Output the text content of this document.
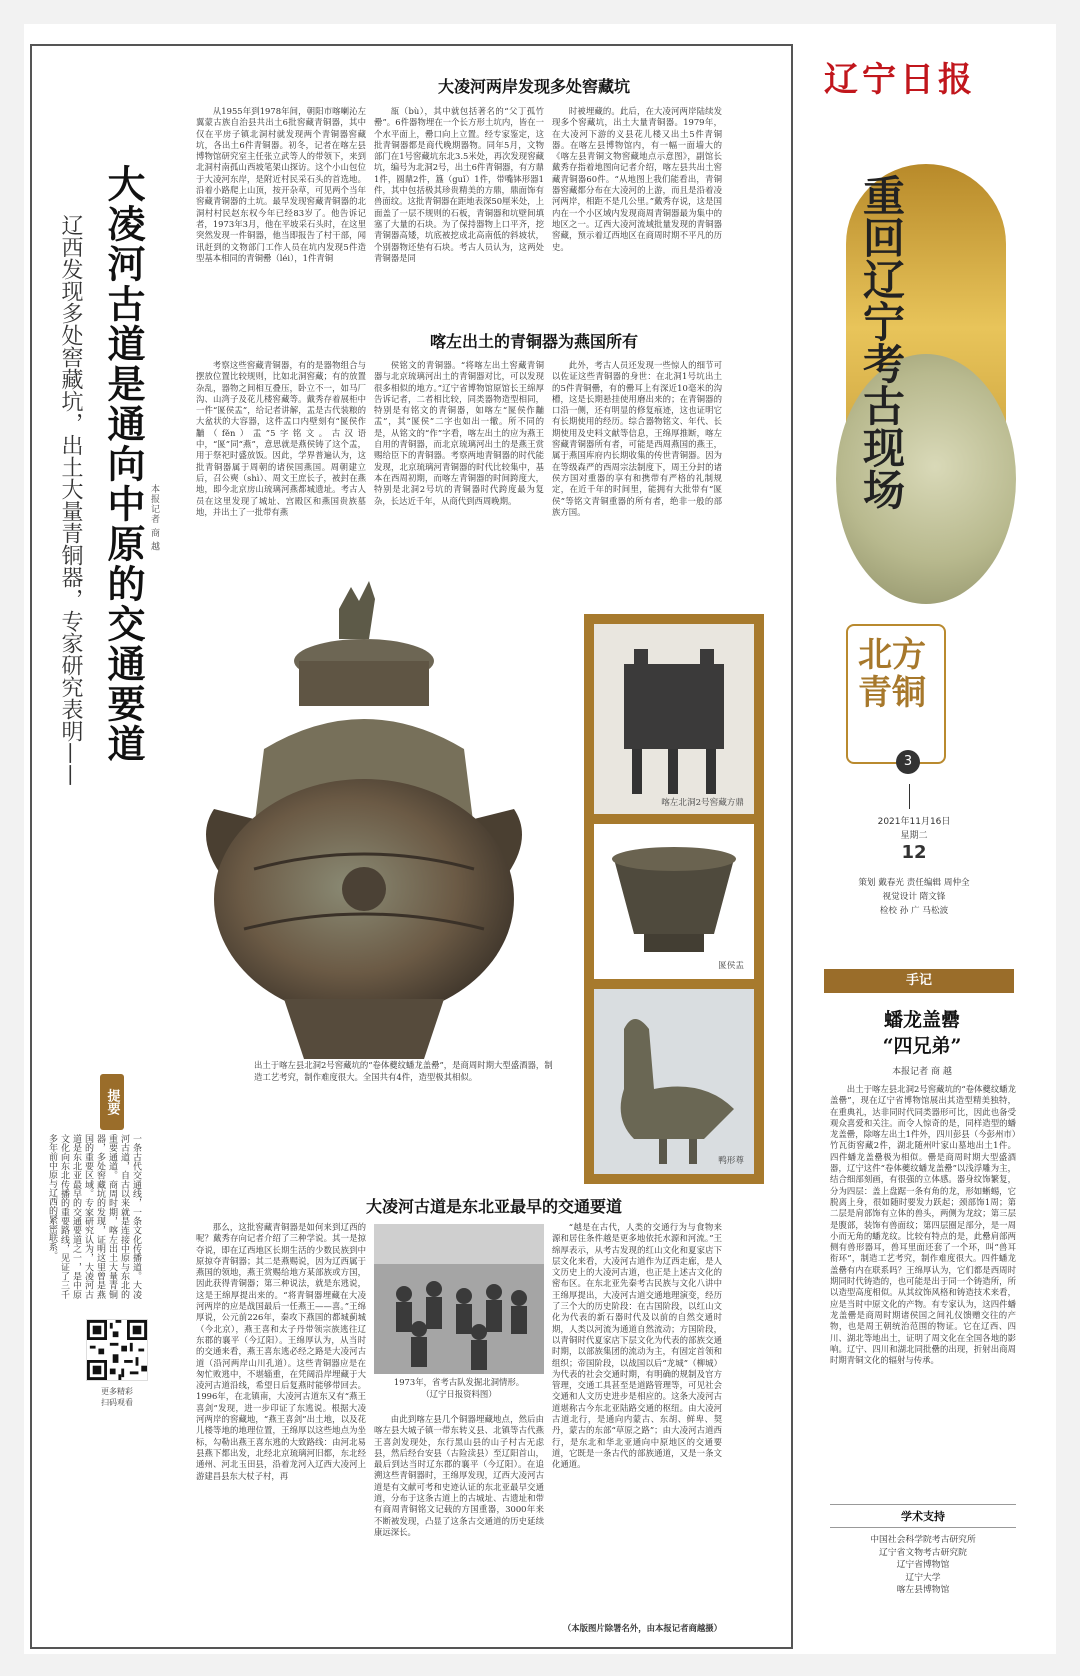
大凌河两岸发现多处窖藏坑
从1955年到1978年间，朝阳市喀喇沁左翼蒙古族自治县共出土6批窖藏青铜器，其中仅在平房子镇北洞村就发现两个青铜器窖藏坑，各出土6件青铜器。初冬，记者在喀左县博物馆研究室主任张立武等人的带领下，来到北洞村南孤山西坡笔架山探访。这个小山包位于大凌河东岸，是附近村民采石头的首选地。沿着小路爬上山顶，按开杂草，可见两个当年窖藏青铜器的土坑。最早发现窖藏青铜器的北洞村村民赵东权今年已经83岁了。他告诉记者，1973年3月，他在平坡采石头时，在这里突然发现一件铜器，他当即报告了村干部，闻讯赶到的文物部门工作人员在坑内发现5件造型基本相同的青铜罍（léi），1件青铜
瓿（bù），其中就包括著名的“父丁孤竹罍”。6件器物埋在一个长方形土坑内，皆在一个水平面上，罍口向上立置。经专家鉴定，这批青铜器都是商代晚期器物。同年5月，文物部门在1号窖藏坑东北3.5米处，再次发现窖藏坑，编号为北洞2号，出土6件青铜器，有方鼎1件，圆鼎2件，簋（guǐ）1件，带嘴钵形器1件，其中包括极其珍贵精美的方鼎，鼎面饰有兽面纹。这批青铜器在距地表深50厘米处，上面盖了一层不规则的石板，青铜器和坑壁间填塞了大量的石块。为了保持器物上口平齐，挖青铜器高矮，坑底被挖成北高南低的斜坡状，个别器物还垫有石块。考古人员认为，这两处青铜器是同
时被埋藏的。此后，在大凌河两岸陆续发现多个窖藏坑，出土大量青铜器。1979年，在大凌河下游的义县花儿楼又出土5件青铜器。在喀左县博物馆内，有一幅一面墙大的《喀左县青铜文物窖藏地点示意图》，副馆长戴秀存指着地图向记者介绍，喀左县共出土窖藏青铜器60件。“从地图上我们能看出，青铜器窖藏都分布在大凌河的上游，而且是沿着凌河两岸，相距不是几公里。”戴秀存说，这是国内在一个小区域内发现商周青铜器最为集中的地区之一。辽西大凌河流域批量发现的青铜器窖藏，预示着辽西地区在商周时期不平凡的历史。
喀左出土的青铜器为燕国所有
考察这些窖藏青铜器，有的是器物组合与摆放位置比较规则，比如北洞窖藏；有的放置杂乱，器物之间相互叠压，卧立不一，如马厂沟、山湾子及花儿楼窖藏等。戴秀存着展柜中一件“匽侯盂”，给记者讲解，盂是古代装粮的大盆状的大容器，这件盂口内壁刻有“匽侯作黼（fěn）盂”5字铭文。古汉语中，“匽”同“燕”，意思就是燕侯铸了这个盂，用于祭祀时盛放饭。因此，学界普遍认为，这批青铜器属于周朝的诸侯国燕国。周朝建立后，召公奭（shì）、周文王庶长子，被封在燕地，即今北京房山琉璃河燕都城遗址。考古人员在这里发现了城址、宫殿区和燕国贵族墓地，并出土了一批带有燕
侯铭文的青铜器。“将喀左出土窖藏青铜器与北京琉璃河出土的青铜器对比，可以发现很多相似的地方。”辽宁省博物馆原馆长王绵厚告诉记者，二者相比较，同类器物造型相同，特别是有铭文的青铜器，如喀左“匽侯作黼盂”，其“匽侯”二字也如出一辙。所不同的是，从铭文的“作”字看，喀左出土的应为燕王自用的青铜器，而北京琉璃河出土的是燕王赏赐给臣下的青铜器。考察两地青铜器的时代能发现，北京琉璃河青铜器的时代比较集中，基本在西周初期，而喀左青铜器的时间跨度大，特别是北洞2号坑的青铜器时代跨度最为复杂，长达近千年，从商代到西周晚期。
此外，考古人员还发现一些惊人的细节可以佐证这些青铜器的身世：在北洞1号坑出土的5件青铜罍，有的罍耳上有深近10毫米的沟槽，这是长期悬挂使用磨出来的；在青铜器的口沿一侧，还有明显的修复痕迹，这也证明它有长期使用的经历。综合器物铭文、年代、长期使用及史料文献等信息，王绵厚推断，喀左窖藏青铜器所有者，可能是西周燕国的燕王，属于燕国库府内长期收集的传世青铜器。因为在等级森严的西周宗法制度下，周王分封的诸侯方国对重器的享有和携带有严格的礼制规定，在近千年的时间里，能拥有大批带有“匽侯”等铭文青铜重器的所有者，绝非一般的部族方国。
大凌河古道是通向中原的交通要道
辽西发现多处窖藏坑，出土大量青铜器，专家研究表明——	本报记者 商 越
提要
一条古代交通线，一条文化传播道。大凌河古道，自古以来就是连接中原与东北的重要通道。商周时期，喀左出土大量青铜器，多处窖藏坑的发现，证明这里曾是燕国的重要区域。专家研究认为，大凌河古道是东北亚最早的交通要道之一，是中原文化向东北传播的重要路线，见证了三千多年前中原与辽西的紧密联系。
更多精彩
扫码观看
出土于喀左县北洞2号窖藏坑的“卷体夔纹蟠龙盖罍”，是商周时期大型盛酒器，制造工艺考究，制作难度很大。全国共有4件，造型极其相似。
喀左北洞2号窖藏方鼎
匽侯盂
鸭形尊
大凌河古道是东北亚最早的交通要道
那么，这批窖藏青铜器是如何来到辽西的呢？戴秀存向记者介绍了三种学说。其一是掠夺说，即在辽西地区长期生活的少数民族到中原掠夺青铜器；其二是燕赐说，因为辽西属于燕国的领地，燕王赏赐给地方某部族或方国，因此获得青铜器；第三种说法，就是东逃说，这是王绵厚提出来的。“将青铜器埋藏在大凌河两岸的应是战国最后一任燕王——喜。”王绵厚说，公元前226年，秦攻下燕国的都城蓟城（今北京），燕王喜和太子丹带领宗族逃往辽东郡的襄平（今辽阳）。王绵厚认为，从当时的交通来看，燕王喜东逃必经之路是大凌河古道（沿河两岸山川孔道）。这些青铜器应是在匆忙败逃中，不堪辎重，在凭阔沿岸埋藏于大凌河古道沿线，希望日后复燕时能够带回去。1996年，在北镇南，大凌河古道东又有“燕王喜剑”发现，进一步印证了东逃说。根据大凌河两岸的窖藏地，“燕王喜剑”出土地，以及花儿楼等地的地理位置，王绵厚以这些地点为坐标，勾勒出燕王喜东逃的大致路线：由河北易县燕下都出发，北经北京琉璃河旧都，东北经通州、河北玉田县，沿着龙河入辽西大凌河上游建昌县东大杖子村，再
1973年，省考古队发掘北洞情形。
（辽宁日报资料图）
由此到喀左县几个铜器埋藏地点，然后由喀左县大城子镇一带东转义县、北镇等古代燕王喜剑发现处，东行黑山县的山子村古无虑县，然后经台安县（古险渎县）至辽阳首山，最后到达当时辽东郡的襄平（今辽阳）。在追溯这些青铜器时，王绵厚发现，辽西大凌河古道是有文献可考和史迹认证的东北亚最早交通道，分布于这条古道上的古城址、古遗址和带有商周青铜铭文记载的方国重器，3000年来不断被发现，凸显了这条古交通道的历史延续康远深长。
“越是在古代，人类的交通行为与食物来源和居住条件越是更多地依托水源和河流。”王绵厚表示，从考古发现的红山文化和夏家店下层文化来看，大凌河古道作为辽西走廊，是人文历史上的大凌河古道，也正是上述古文化的密布区。在东北亚先秦考古民族与文化八讲中王绵厚提出，大凌河古道交通地理演变，经历了三个大的历史阶段：在古国阶段，以红山文化为代表的新石器时代及以前的自然交通时期，人类以河流为通道自然流动；方国阶段，以青铜时代夏家店下层文化为代表的部族交通时期，以部族集团的流动为主，有固定首领和组织；帝国阶段，以战国以后“龙城”（柳城）为代表的社会交通时期，有明确的规制及官方管理，交通工具甚至是道路管理等，可见社会交通和人文历史进步是相应的。这条大凌河古道堪称古今东北亚陆路交通的枢纽。由大凌河古道北行，是通向内蒙古、东胡、鲜卑、契丹，蒙古的东部“草原之路”；由大凌河古道西行，是东北和华北亚通向中原地区的交通要道，它既是一条古代的部族通道，又是一条文化通道。
（本版图片除署名外，由本报记者商越摄）
辽宁日报
重回辽宁考古现场
北方青铜
3
2021年11月16日
星期二
12
策划 戴春光 责任编辑 周仲全
视觉设计 隋文锋
检校 孙 广 马松波
手记
蟠龙盖罍
“四兄弟”
本报记者 商 越
出土于喀左县北洞2号窖藏坑的“卷体夔纹蟠龙盖罍”，现在辽宁省博物馆展出其造型精美独特，在重典礼，达非同时代同类器形可比，因此也备受观众喜爱和关注。而令人惊奇的是，同样造型的蟠龙盖罍，除喀左出土1件外，四川彭县（今彭州市）竹瓦街窖藏2件，湖北随州叶家山墓地出土1件。四件蟠龙盖罍极为相似。罍是商周时期大型盛酒器，辽宁这件“卷体夔纹蟠龙盖罍”以浅浮雕为主，结合细部刻画，有很强的立体感。器身纹饰繁复，分为四层：盖上盘踞一条有角的龙，形如蜥蜴，它脱离上身，很如随时要发力跃起；颈部饰1周；第二层是肩部饰有立体的兽头，两侧为龙纹；第三层是腹部，装饰有兽面纹；第四层圈足部分，是一周小而无角的蟠龙纹。比较有特点的是，此罍肩部两侧有兽形器耳，兽耳里面还套了一个环，叫“兽耳衔环”，制造工艺考究，制作难度很大。四件蟠龙盖罍有内在联系吗？王绵厚认为，它们都是西周时期同时代铸造的，也可能是出于同一个铸造所，所以造型高度相似。从其纹饰风格和铸造技术来看，应是当时中原文化的产物。有专家认为，这四件蟠龙盖罍是商周时期诸侯国之间礼仪馈赠交往的产物，也是周王朝统治范围的物证。它在辽西、四川、湖北等地出土，证明了周文化在全国各地的影响。辽宁、四川和湖北同批罍的出现，折射出商周时期青铜文化的辐射与传承。
学术支持
中国社会科学院考古研究所
辽宁省文物考古研究院
辽宁省博物馆
辽宁大学
喀左县博物馆
